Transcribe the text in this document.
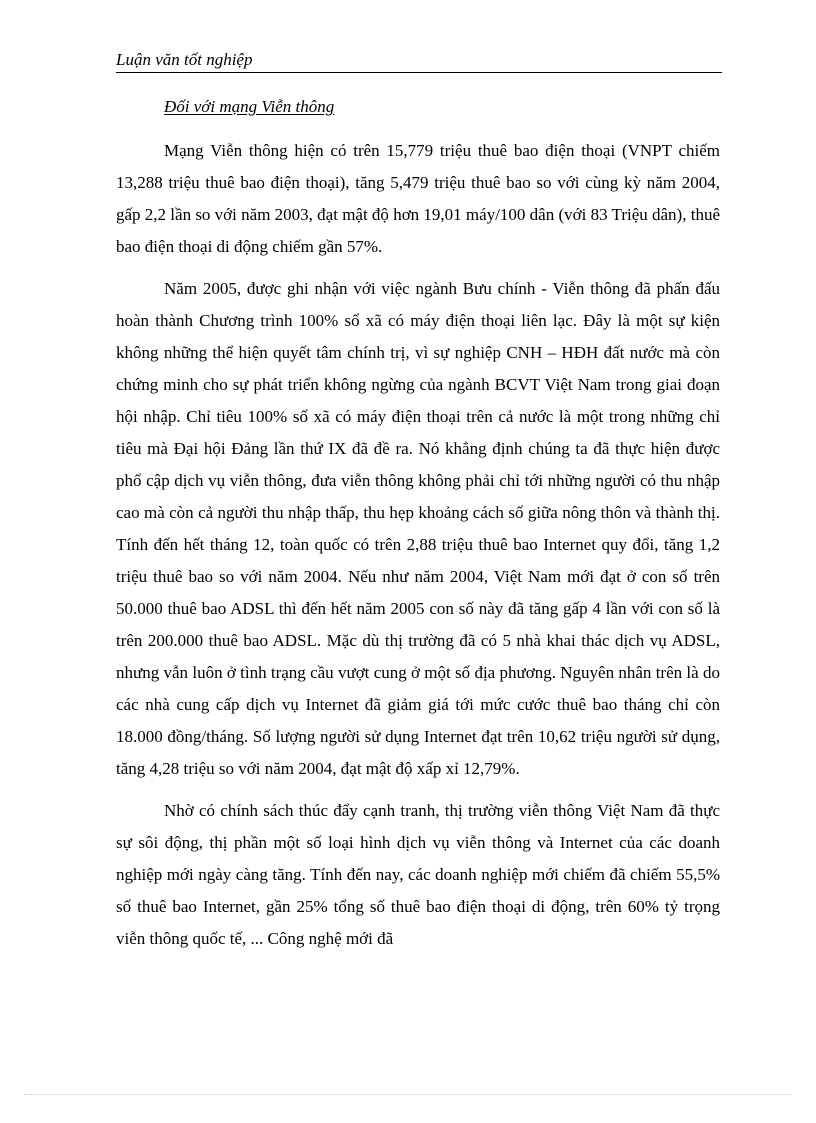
Luận văn tốt nghiệp
Đối với mạng Viễn thông

Mạng Viễn thông hiện có trên 15,779 triệu thuê bao điện thoại (VNPT chiếm 13,288 triệu thuê bao điện thoại), tăng 5,479 triệu thuê bao so với cùng kỳ năm 2004, gấp 2,2 lần so với năm 2003, đạt mật độ hơn 19,01 máy/100 dân (với 83 Triệu dân), thuê bao điện thoại di động chiếm gần 57%.

Năm 2005, được ghi nhận với việc ngành Bưu chính - Viễn thông đã phấn đấu hoàn thành Chương trình 100% số xã có máy điện thoại liên lạc. Đây là một sự kiện không những thể hiện quyết tâm chính trị, vì sự nghiệp CNH – HĐH đất nước mà còn chứng minh cho sự phát triển không ngừng của ngành BCVT Việt Nam trong giai đoạn hội nhập. Chỉ tiêu 100% số xã có máy điện thoại trên cả nước là một trong những chỉ tiêu mà Đại hội Đảng lần thứ IX đã đề ra. Nó khẳng định chúng ta đã thực hiện được phổ cập dịch vụ viễn thông, đưa viễn thông không phải chỉ tới những người có thu nhập cao mà còn cả người thu nhập thấp, thu hẹp khoảng cách số giữa nông thôn và thành thị. Tính đến hết tháng 12, toàn quốc có trên 2,88 triệu thuê bao Internet quy đổi, tăng 1,2 triệu thuê bao so với năm 2004. Nếu như năm 2004, Việt Nam mới đạt ở con số trên 50.000 thuê bao ADSL thì đến hết năm 2005 con số này đã tăng gấp 4 lần với con số là trên 200.000 thuê bao ADSL. Mặc dù thị trường đã có 5 nhà khai thác dịch vụ ADSL, nhưng vẫn luôn ở tình trạng cầu vượt cung ở một số địa phương. Nguyên nhân trên là do các nhà cung cấp dịch vụ Internet đã giảm giá tới mức cước thuê bao tháng chỉ còn 18.000 đồng/tháng. Số lượng người sử dụng Internet đạt trên 10,62 triệu người sử dụng, tăng 4,28 triệu so với năm 2004, đạt mật độ xấp xỉ 12,79%.

Nhờ có chính sách thúc đẩy cạnh tranh, thị trường viễn thông Việt Nam đã thực sự sôi động, thị phần một số loại hình dịch vụ viễn thông và Internet của các doanh nghiệp mới ngày càng tăng. Tính đến nay, các doanh nghiệp mới chiếm đã chiếm 55,5% số thuê bao Internet, gần 25% tổng số thuê bao điện thoại di động, trên 60% tỷ trọng viễn thông quốc tế, ... Công nghệ mới đã
